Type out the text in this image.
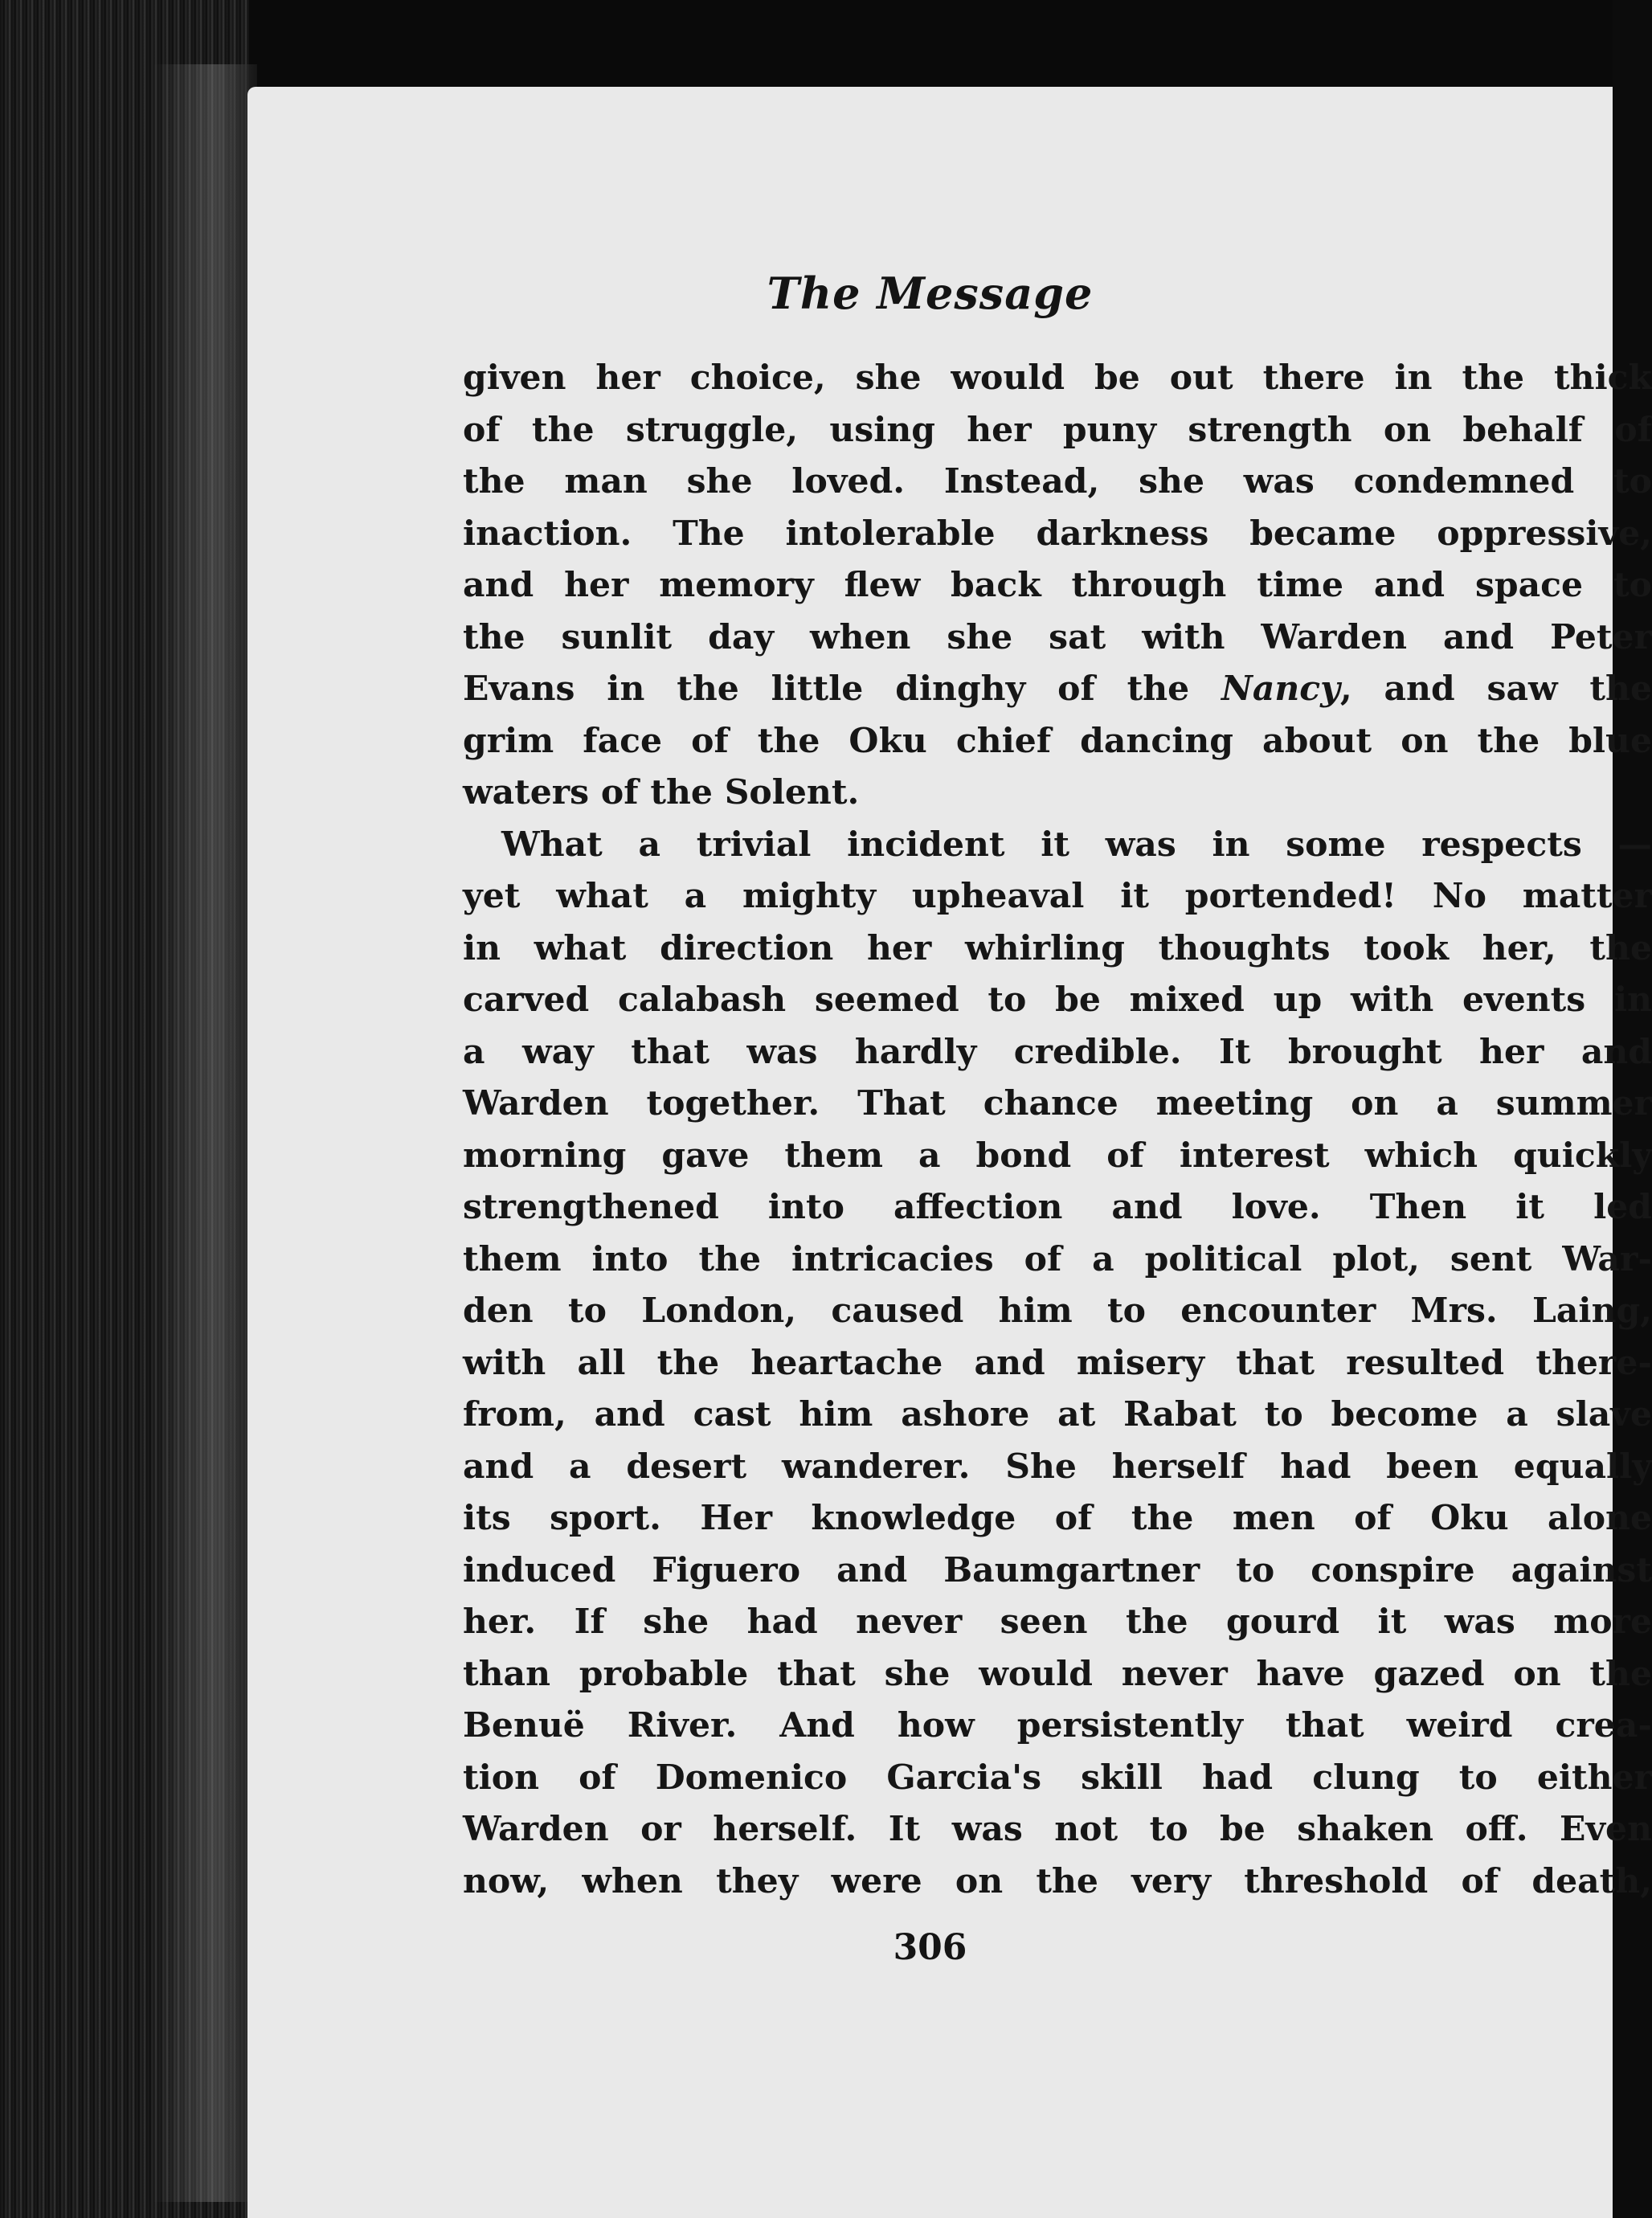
The Message
given her choice, she would be out there in the thick
of the struggle, using her puny strength on behalf of
the man she loved. Instead, she was condemned to
inaction. The intolerable darkness became oppressive,
and her memory flew back through time and space to
the sunlit day when she sat with Warden and Peter
Evans in the little dinghy of the Nancy, and saw the
grim face of the Oku chief dancing about on the blue
waters of the Solent.
What a trivial incident it was in some respects —
yet what a mighty upheaval it portended! No matter
in what direction her whirling thoughts took her, the
carved calabash seemed to be mixed up with events in
a way that was hardly credible. It brought her and
Warden together. That chance meeting on a summer
morning gave them a bond of interest which quickly
strengthened into affection and love. Then it led
them into the intricacies of a political plot, sent War-
den to London, caused him to encounter Mrs. Laing,
with all the heartache and misery that resulted there-
from, and cast him ashore at Rabat to become a slave
and a desert wanderer. She herself had been equally
its sport. Her knowledge of the men of Oku alone
induced Figuero and Baumgartner to conspire against
her. If she had never seen the gourd it was more
than probable that she would never have gazed on the
Benuë River. And how persistently that weird crea-
tion of Domenico Garcia's skill had clung to either
Warden or herself. It was not to be shaken off. Even
now, when they were on the very threshold of death,
306
